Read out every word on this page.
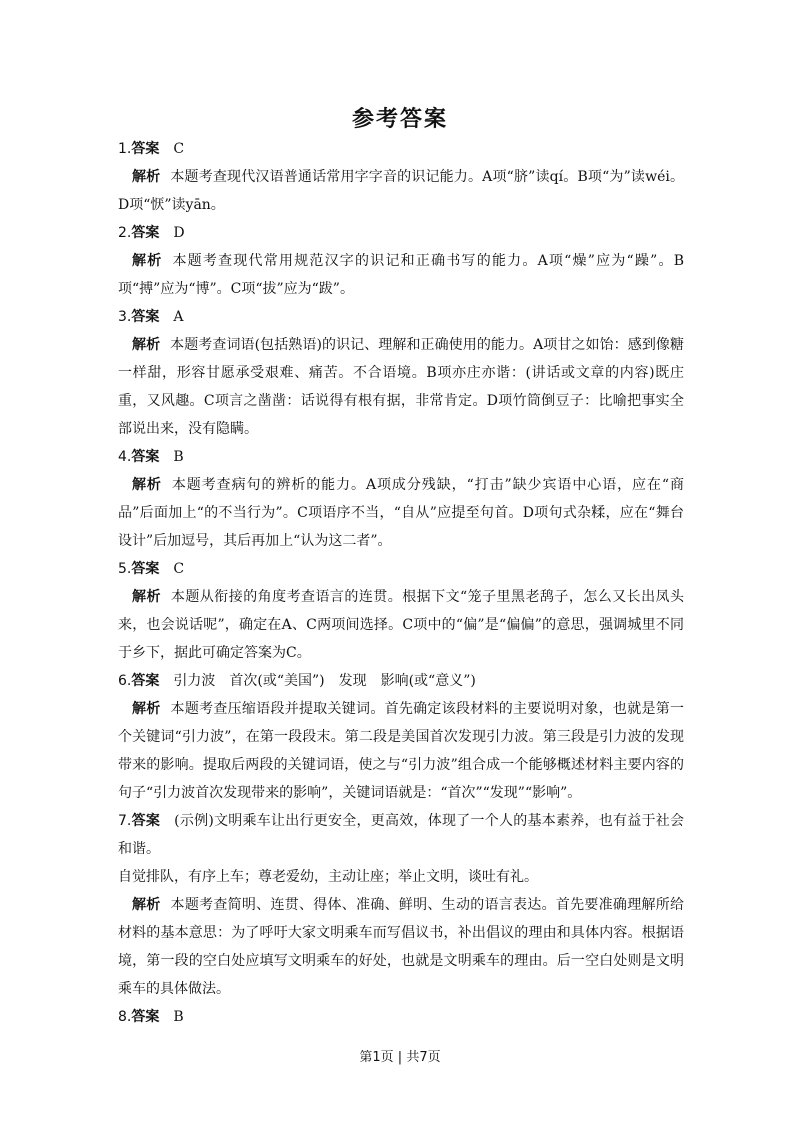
参考答案
1.答案 C

解析 本题考查现代汉语普通话常用字字音的识记能力。A项“脐”读qí。B项“为”读wéi。D项“恹”读yān。

2.答案 D

解析 本题考查现代常用规范汉字的识记和正确书写的能力。A项“燥”应为“躁”。B项“搏”应为“博”。C项“拔”应为“跋”。

3.答案 A

解析 本题考查词语(包括熟语)的识记、理解和正确使用的能力。A项甘之如饴：感到像糖一样甜，形容甘愿承受艰难、痛苦。不合语境。B项亦庄亦谐：(讲话或文章的内容)既庄重，又风趣。C项言之凿凿：话说得有根有据，非常肯定。D项竹筒倒豆子：比喻把事实全部说出来，没有隐瞒。

4.答案 B

解析 本题考查病句的辨析的能力。A项成分残缺，“打击”缺少宾语中心语，应在“商品”后面加上“的不当行为”。C项语序不当，“自从”应提至句首。D项句式杂糅，应在“舞台设计”后加逗号，其后再加上“认为这二者”。

5.答案 C

解析 本题从衔接的角度考查语言的连贯。根据下文“笼子里黑老鸹子，怎么又长出凤头来，也会说话呢”，确定在A、C两项间选择。C项中的“偏”是“偏偏”的意思，强调城里不同于乡下，据此可确定答案为C。

6.答案 引力波　首次(或“美国”)　发现　影响(或“意义”)

解析 本题考查压缩语段并提取关键词。首先确定该段材料的主要说明对象，也就是第一个关键词“引力波”，在第一段段末。第二段是美国首次发现引力波。第三段是引力波的发现带来的影响。提取后两段的关键词语，使之与“引力波”组合成一个能够概述材料主要内容的句子“引力波首次发现带来的影响”，关键词语就是：“首次”“发现”“影响”。

7.答案 (示例)文明乘车让出行更安全，更高效，体现了一个人的基本素养，也有益于社会和谐。

自觉排队，有序上车；尊老爱幼，主动让座；举止文明，谈吐有礼。

解析 本题考查简明、连贯、得体、准确、鲜明、生动的语言表达。首先要准确理解所给材料的基本意思：为了呼吁大家文明乘车而写倡议书，补出倡议的理由和具体内容。根据语境，第一段的空白处应填写文明乘车的好处，也就是文明乘车的理由。后一空白处则是文明乘车的具体做法。

8.答案 B
第1页 | 共7页
